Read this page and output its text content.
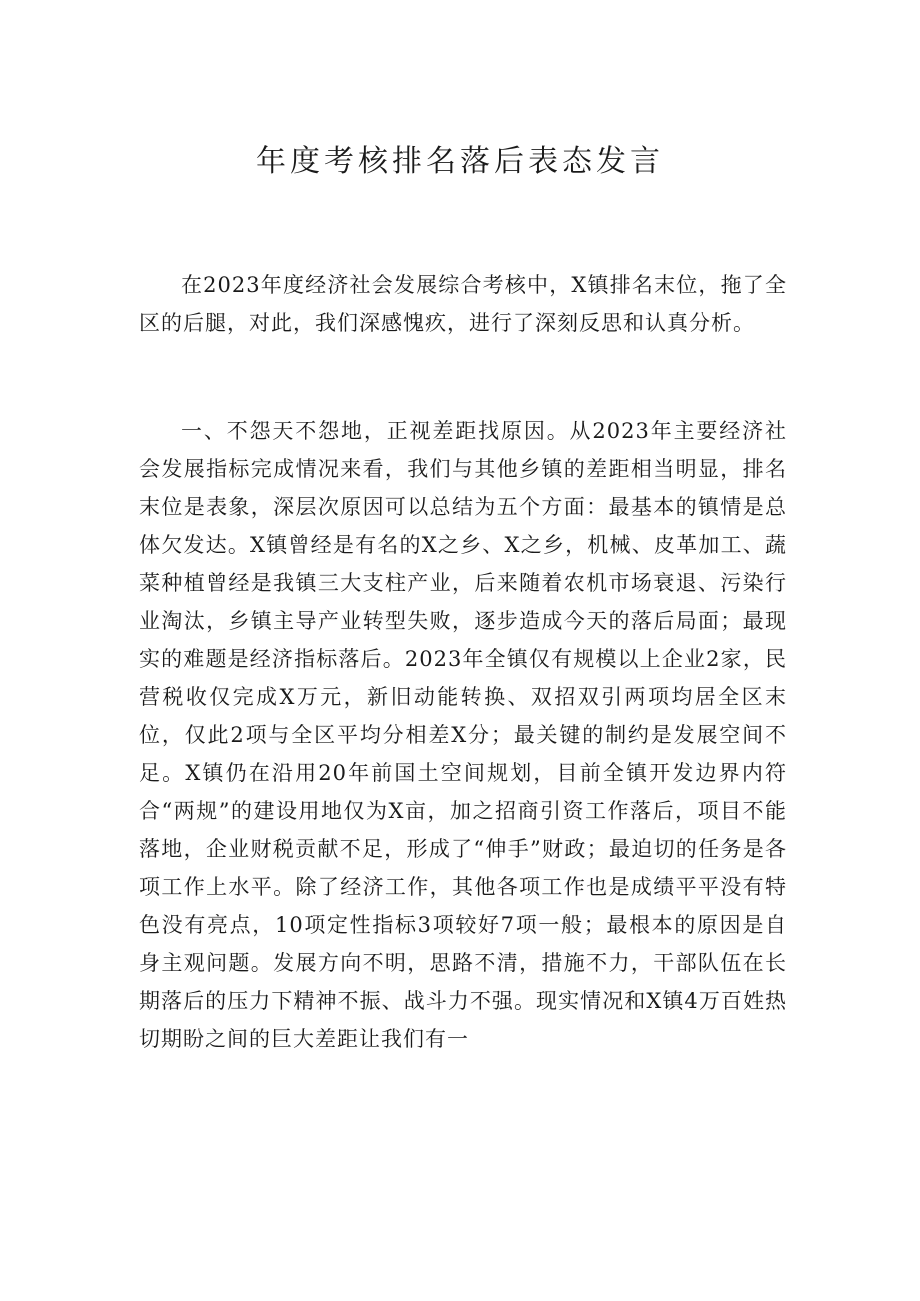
年度考核排名落后表态发言

在2023年度经济社会发展综合考核中，X镇排名末位，拖了全区的后腿，对此，我们深感愧疚，进行了深刻反思和认真分析。

一、不怨天不怨地，正视差距找原因。从2023年主要经济社会发展指标完成情况来看，我们与其他乡镇的差距相当明显，排名末位是表象，深层次原因可以总结为五个方面：最基本的镇情是总体欠发达。X镇曾经是有名的X之乡、X之乡，机械、皮革加工、蔬菜种植曾经是我镇三大支柱产业，后来随着农机市场衰退、污染行业淘汰，乡镇主导产业转型失败，逐步造成今天的落后局面；最现实的难题是经济指标落后。2023年全镇仅有规模以上企业2家，民营税收仅完成X万元，新旧动能转换、双招双引两项均居全区末位，仅此2项与全区平均分相差X分；最关键的制约是发展空间不足。X镇仍在沿用20年前国土空间规划，目前全镇开发边界内符合“两规”的建设用地仅为X亩，加之招商引资工作落后，项目不能落地，企业财税贡献不足，形成了“伸手”财政；最迫切的任务是各项工作上水平。除了经济工作，其他各项工作也是成绩平平没有特色没有亮点，10项定性指标3项较好7项一般；最根本的原因是自身主观问题。发展方向不明，思路不清，措施不力，干部队伍在长期落后的压力下精神不振、战斗力不强。现实情况和X镇4万百姓热切期盼之间的巨大差距让我们有一
